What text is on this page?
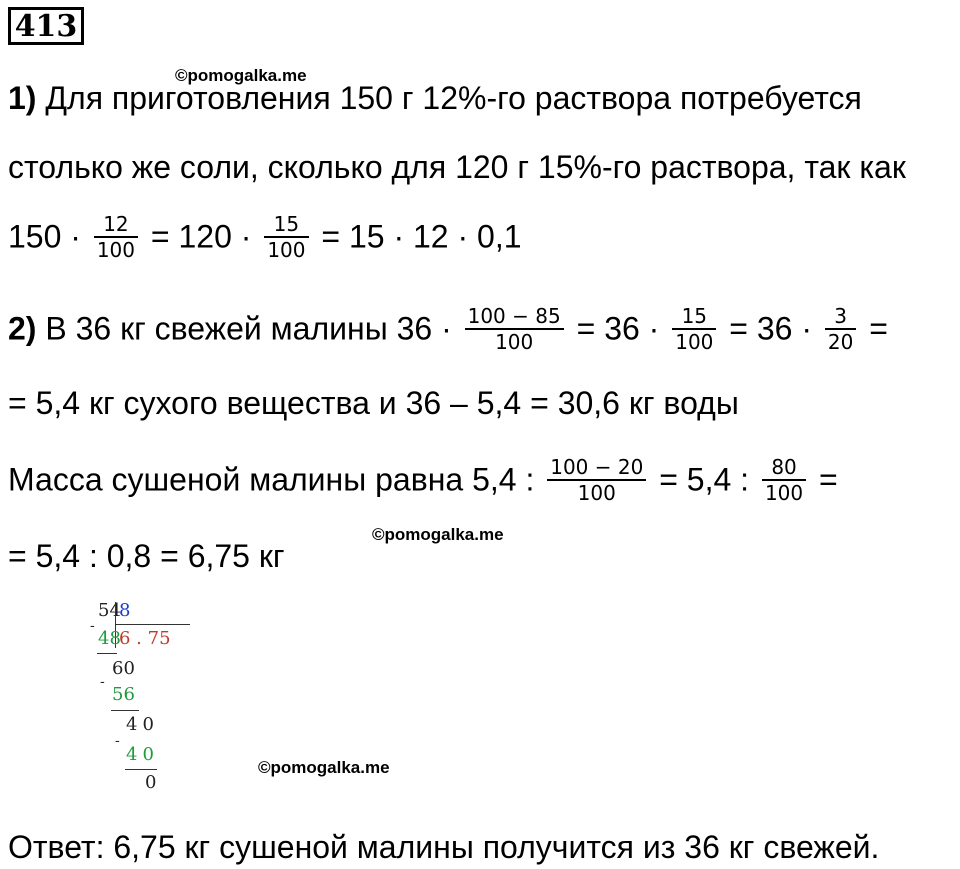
413
©pomogalka.me
1) Для приготовления 150 г 12%-го раствора потребуется
столько же соли, сколько для 120 г 15%-го раствора, так как
$150 \cdot \frac{12}{100} = 120 \cdot \frac{15}{100} = 15 \cdot 12 \cdot 0,1$
2) В 36 кг свежей малины $36 \cdot \frac{100 - 85}{100} = 36 \cdot \frac{15}{100} = 36 \cdot \frac{3}{20}$ =
= 5,4 кг сухого вещества и 36 – 5,4 = 30,6 кг воды
Масса сушеной малины равна 5,4 : $\frac{100 - 20}{100} = 5,4$ : $\frac{80}{100}$ =
©pomogalka.me
= 5,4 : 0,8 = 6,75 кг
54
8
-
48
6 . 75
60
-
56
40
-
40
0
©pomogalka.me
Ответ: 6,75 кг сушеной малины получится из 36 кг свежей.
